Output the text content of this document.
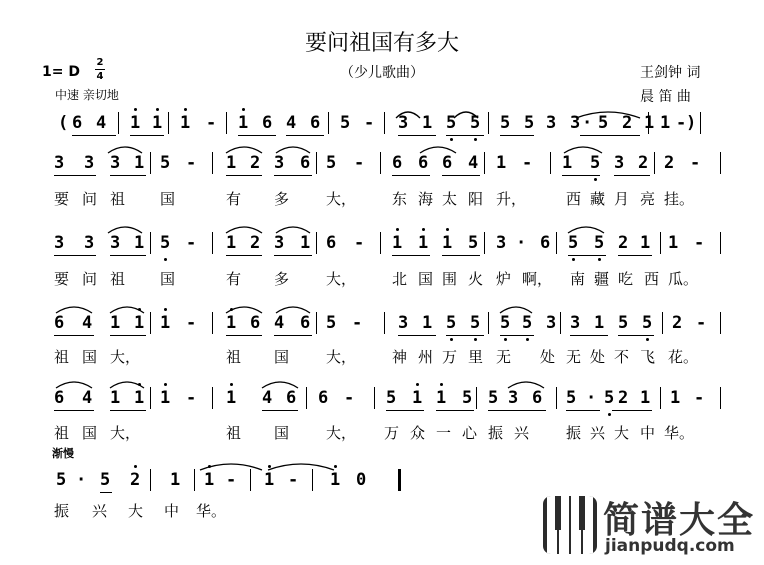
要问祖国有多大
（少儿歌曲）
1= D
2
4
中速 亲切地
王剑钟 词
晨 笛 曲
渐慢
(	)
6 4 1 1 1 - 1 6 4 6 5 - 3 1 5 5 5 5 3 3 · 5 2 1 1 -
3 3 3 1 5 - 1 2 3 6 5 - 6 6 6 4 1 - 1 5 3 2 2 -
3 3 3 1 5 - 1 2 3 1 6 - 1 1 1 5 3 · 6 5 5 2 1 1 -
6 4 1 1 1 - 1 6 4 6 5 - 3 1 5 5 5 5 3 3 1 5 5 2 -
6 4 1 1 1 - 1 4 6 6 - 5 1 1 5 5 3 6 5 · 5 2 1 1 -
5 · 5 2 1 1 - 1 - 1 0
要 问 祖 国	有 多 大， 东 海 太 阳 升，	西 藏 月 亮 挂。
要 问 祖 国	有 多 大， 北 国 围 火 炉 啊， 南 疆 吃 西 瓜。
祖 国 大，	祖 国 大， 神 州 万 里 无 处 无 处 不 飞 花。
祖 国 大，	祖 国 大， 万 众 一 心 振 兴 振 兴 大 中 华。
振 兴 大 中 华。	简谱大全
jianpudq.com
